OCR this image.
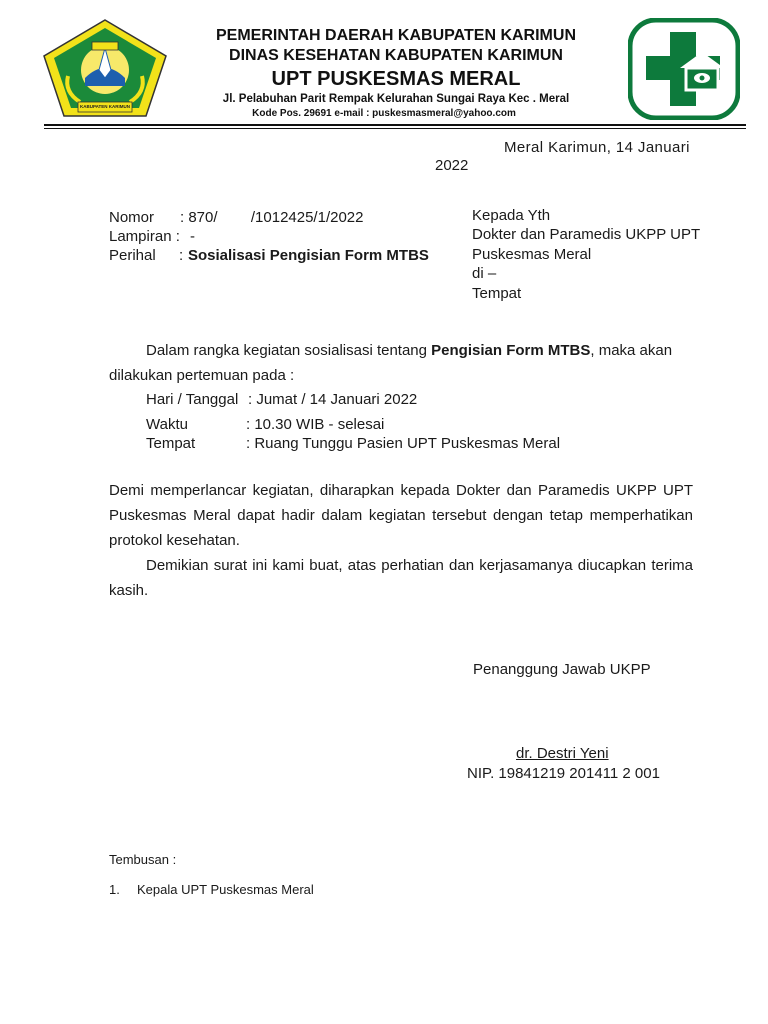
KABUPATEN KARIMUN
PEMERINTAH DAERAH KABUPATEN KARIMUN
DINAS KESEHATAN KABUPATEN KARIMUN
UPT PUSKESMAS MERAL
Jl. Pelabuhan Parit Rempak Kelurahan Sungai Raya Kec . Meral
Kode Pos. 29691 e-mail : puskesmasmeral@yahoo.com
Meral Karimun, 14 Januari
2022
Nomor : 870/        /1012425/1/2022
Lampiran : -
Perihal : Sosialisasi Pengisian Form MTBS
Kepada Yth
Dokter dan Paramedis UKPP UPT
Puskesmas Meral
di –
Tempat
Dalam rangka kegiatan sosialisasi tentang Pengisian Form MTBS, maka akan
dilakukan pertemuan pada :
Hari / Tanggal : Jumat / 14 Januari 2022
Waktu	: 10.30 WIB - selesai
Tempat	: Ruang Tunggu Pasien UPT Puskesmas Meral
Demi memperlancar kegiatan, diharapkan kepada Dokter dan Paramedis UKPP UPT Puskesmas Meral dapat hadir dalam kegiatan tersebut dengan tetap memperhatikan protokol kesehatan.
Demikian surat ini kami buat, atas perhatian dan kerjasamanya diucapkan terima kasih.
Penanggung Jawab UKPP
dr. Destri Yeni
NIP. 19841219 201411 2 001
Tembusan :
1. Kepala UPT Puskesmas Meral
